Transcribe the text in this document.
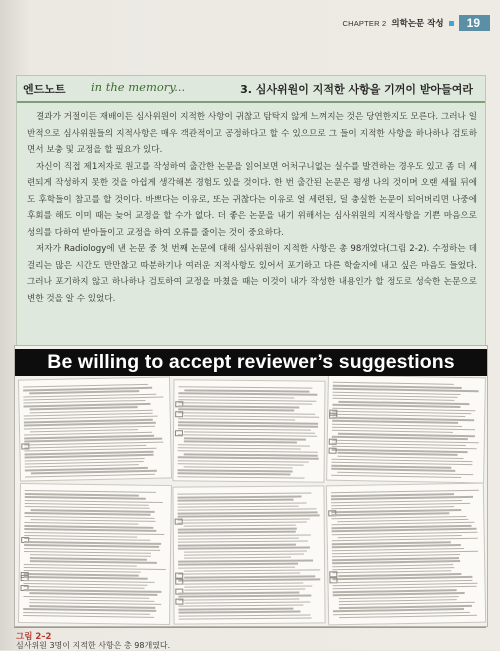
CHAPTER 2 의학논문 작성	19
엔드노트 in the memory...	3. 심사위원이 지적한 사항을 기꺼이 받아들여라

결과가 거절이든 재배이든 심사위원이 지적한 사항이 귀찮고 탐탁지 않게 느껴지는 것은 당연한지도 모른다. 그러나 일반적으로 심사위원들의 지적사항은 매우 객관적이고 공정하다고 할 수 있으므로 그 들이 지적한 사항을 하나하나 검토하면서 보충 및 교정을 할 필요가 있다.

자신이 직접 제1저자로 원고를 작성하여 출간한 논문을 읽어보면 어처구니없는 실수를 발견하는 경우도 있고 좀 더 세련되게 작성하지 못한 것을 아쉽게 생각해본 경험도 있을 것이다. 한 번 출간된 논문은 평생 나의 것이며 오랜 세월 뒤에도 후학들이 참고를 할 것이다. 바쁘다는 이유로, 또는 귀찮다는 이유로 얼 세련된, 덜 충실한 논문이 되어버리면 나중에 후회를 해도 이미 때는 늦어 교정을 할 수가 없다. 더 좋은 논문을 내기 위해서는 심사위원의 지적사항을 기쁜 마음으로 성의를 다하여 받아들이고 교정을 하여 오류를 줄이는 것이 중요하다.

저자가 Radiology에 낸 논문 중 첫 번째 논문에 대해 심사위원이 지적한 사항은 총 98개였다(그림 2-2). 수정하는 데 걸리는 많은 시간도 만만찮고 따분하기나 여러운 지적사항도 있어서 포기하고 다른 학술지에 내고 싶은 마음도 들었다. 그러나 포기하지 않고 하나하나 검토하여 교정을 마쳤을 때는 이것이 내가 작성한 내용인가 할 정도로 성숙한 논문으로 변한 것을 알 수 있었다.

Be willing to accept reviewer’s suggestions
그림 2–2
심사위원 3명이 지적한 사항은 총 98개였다.
